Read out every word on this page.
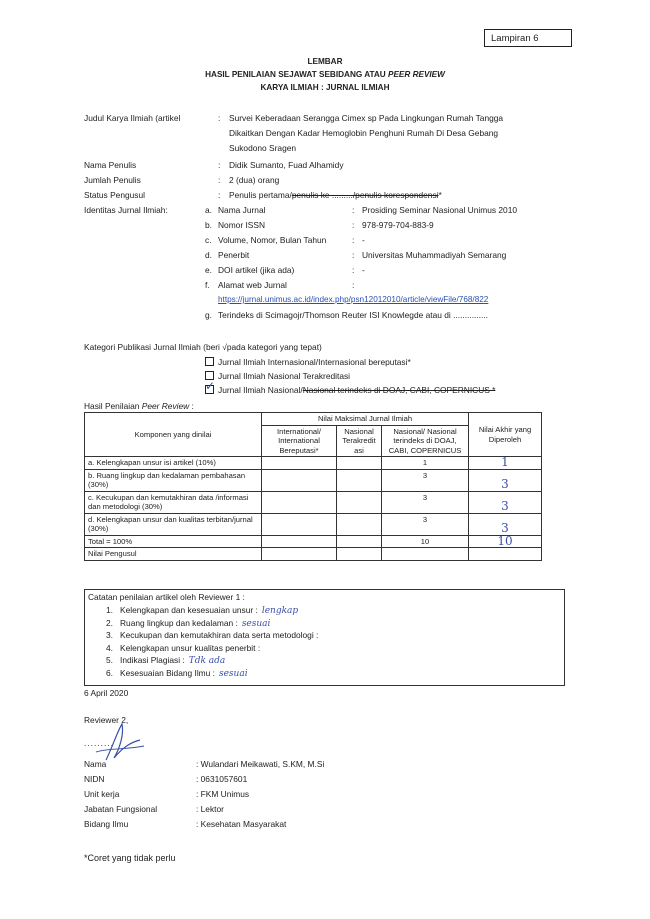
Lampiran 6
LEMBAR
HASIL PENILAIAN SEJAWAT SEBIDANG ATAU PEER REVIEW
KARYA ILMIAH : JURNAL ILMIAH
Judul Karya Ilmiah (artikel	: Survei Keberadaan Serangga Cimex sp Pada Lingkungan Rumah Tangga
Dikaitkan Dengan Kadar Hemoglobin Penghuni Rumah Di Desa Gebang
Sukodono Sragen
Nama Penulis	: Didik Sumanto, Fuad Alhamidy
Jumlah Penulis	: 2 (dua) orang
Status Pengusul	: Penulis pertama/penulis ke ........./penulis korespondensi*
Identitas Jurnal Ilmiah:	a. Nama Jurnal	: Prosiding Seminar Nasional Unimus 2010
b. Nomor ISSN	: 978-979-704-883-9
c. Volume, Nomor, Bulan Tahun	: -
d. Penerbit	: Universitas Muhammadiyah Semarang
e. DOI artikel (jika ada)	: -
f. Alamat web Jurnal	:
https://jurnal.unimus.ac.id/index.php/psn12012010/article/viewFile/768/822
g. Terindeks di Scimagojr/Thomson Reuter ISI Knowlegde atau di ...............
Kategori Publikasi Jurnal Ilmiah (beri √pada kategori yang tepat)
Jurnal Ilmiah Internasional/Internasional bereputasi*
Jurnal Ilmiah Nasional Terakreditasi
✓ Jurnal Ilmiah Nasional/Nasional terindeks di DOAJ, CABI, COPERNICUS *
Hasil Penilaian Peer Review :
Komponen yang dinilai	Nilai Maksimal Jurnal Ilmiah			Nilai Akhir yang Diperoleh
	International/ International Bereputasi*	Nasional Terakredit asi	Nasional/ Nasional terindeks di DOAJ, CABI, COPERNICUS	
a. Kelengkapan unsur isi artikel (10%)			1	1
b. Ruang lingkup dan kedalaman pembahasan (30%)			3	3
c. Kecukupan dan kemutakhiran data /informasi dan metodologi (30%)			3	3
d. Kelengkapan unsur dan kualitas terbitan/jurnal (30%)			3	3
Total = 100%			10	10
Nilai Pengusul				
Catatan penilaian artikel oleh Reviewer 1 :
1. Kelengkapan dan kesesuaian unsur : lengkap
2. Ruang lingkup dan kedalaman : sesuai
3. Kecukupan dan kemutakhiran data serta metodologi :
4. Kelengkapan unsur kualitas penerbit :
5. Indikasi Plagiasi : Tdk ada
6. Kesesuaian Bidang Ilmu : sesuai
6 April 2020
Reviewer 2,
.........
Nama	: Wulandari Meikawati, S.KM, M.Si
NIDN	: 0631057601
Unit kerja	: FKM Unimus
Jabatan Fungsional	: Lektor
Bidang Ilmu	: Kesehatan Masyarakat
*Coret yang tidak perlu
